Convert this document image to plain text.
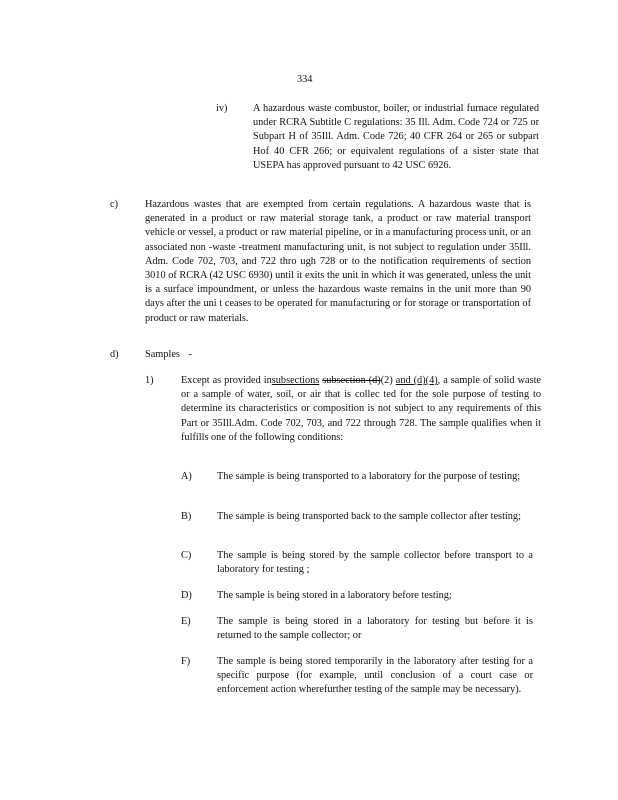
334
iv) A hazardous waste combustor, boiler, or industrial furnace regulated under RCRA Subtitle C regulations: 35 Ill. Adm. Code 724 or 725 or Subpart H of 35Ill. Adm. Code 726; 40 CFR 264 or 265 or subpart Hof 40 CFR 266; or equivalent regulations of a sister state that USEPA has approved pursuant to 42 USC 6926.
c)	Hazardous wastes that are exempted from certain regulations. A hazardous waste that is generated in a product or raw material storage tank, a product or raw material transport vehicle or vessel, a product or raw material pipeline, or in a manufacturing process unit, or an associated non -waste -treatment manufacturing unit, is not subject to regulation under 35Ill. Adm. Code 702, 703, and 722 thro ugh 728 or to the notification requirements of section 3010 of RCRA (42 USC 6930) until it exits the unit in which it was generated, unless the unit is a surface impoundment, or unless the hazardous waste remains in the unit more than 90 days after the uni t ceases to be operated for manufacturing or for storage or transportation of product or raw materials.
d)	Samples -
1)	Except as provided insubsections subsection (d)(2) and (d)(4), a sample of solid waste or a sample of water, soil, or air that is collec ted for the sole purpose of testing to determine its characteristics or composition is not subject to any requirements of this Part or 35Ill.Adm. Code 702, 703, and 722 through 728. The sample qualifies when it fulfills one of the following conditions:
A) The sample is being transported to a laboratory for the purpose of testing;
B) The sample is being transported back to the sample collector after testing;
C) The sample is being stored by the sample collector before transport to a laboratory for testing ;
D) The sample is being stored in a laboratory before testing;
E)	The sample is being stored in a laboratory for testing but before it is returned to the sample collector; or
F)	The sample is being stored temporarily in the laboratory after testing for a specific purpose (for example, until conclusion of a court case or enforcement action wherefurther testing of the sample may be necessary).
